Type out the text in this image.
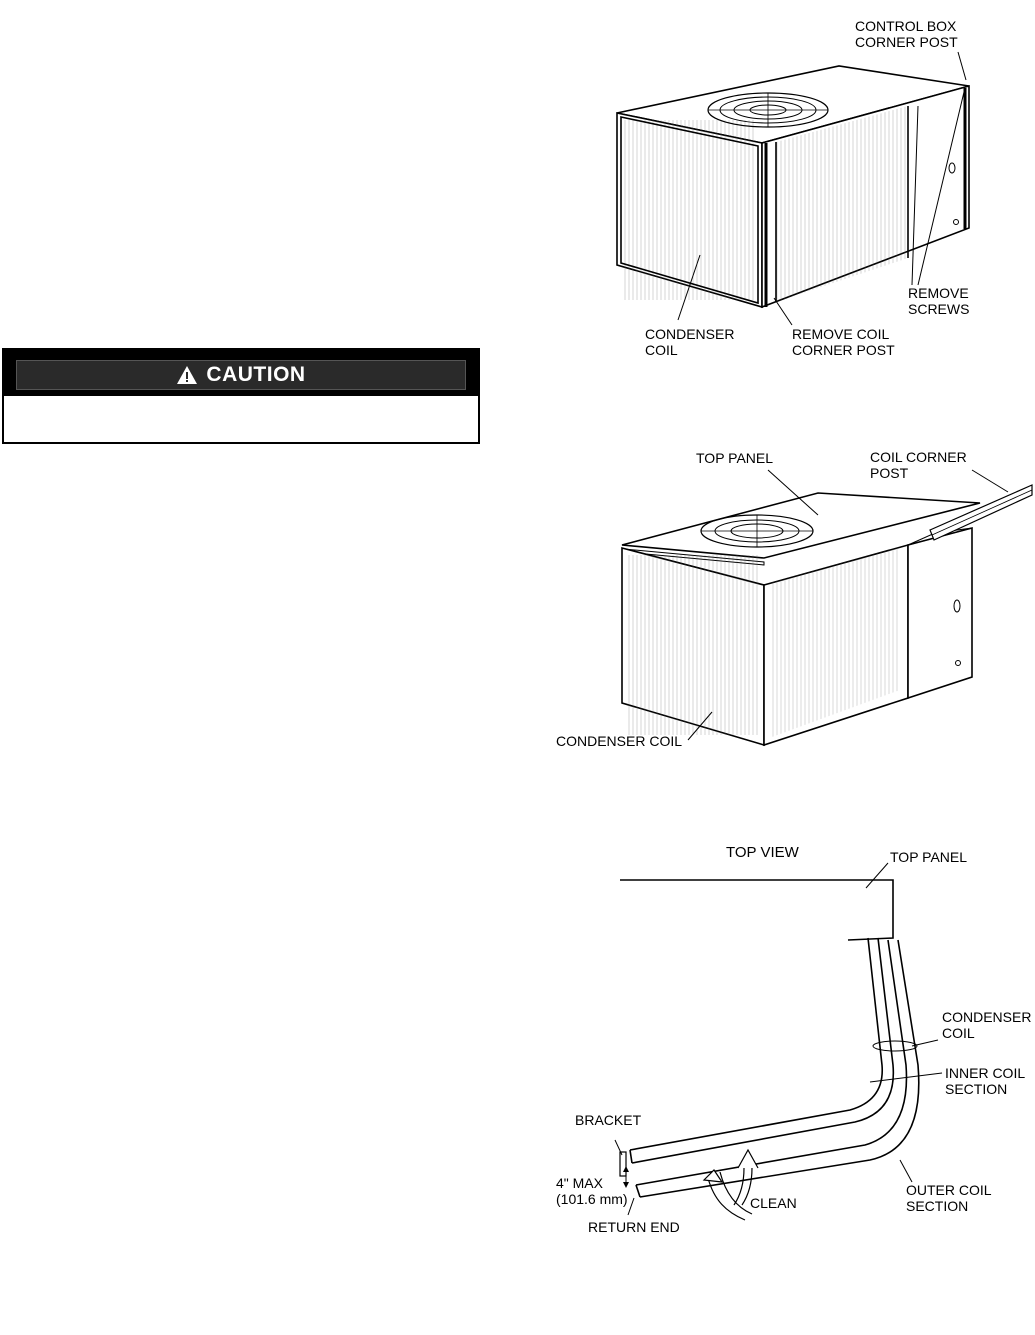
CAUTION
CONTROL BOX
CORNER POST
REMOVE
SCREWS
CONDENSER
COIL
REMOVE COIL
CORNER POST
TOP PANEL	COIL CORNER
POST
CONDENSER COIL
TOP VIEW	TOP PANEL
CONDENSER
COIL
INNER COIL
SECTION
BRACKET
4" MAX
(101.6 mm)	CLEAN
OUTER COIL
SECTION
RETURN END
